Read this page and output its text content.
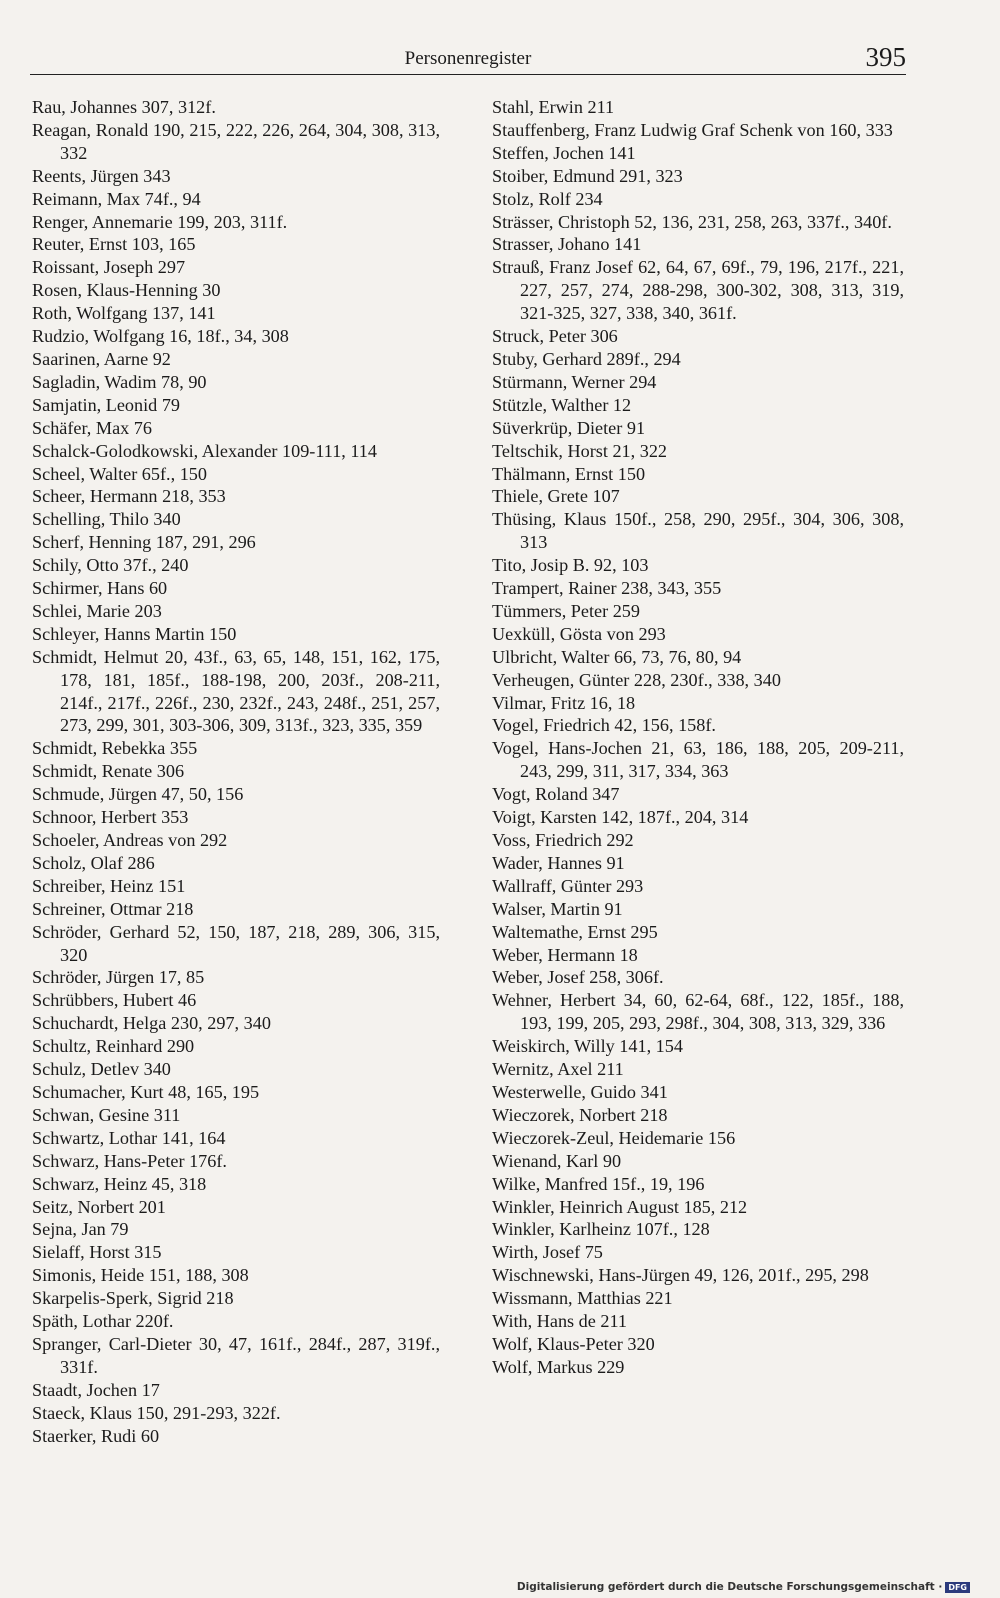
Personenregister	395

Rau, Johannes 307, 312f.

Reagan, Ronald 190, 215, 222, 226, 264, 304, 308, 313, 332

Reents, Jürgen 343

Reimann, Max 74f., 94

Renger, Annemarie 199, 203, 311f.

Reuter, Ernst 103, 165

Roissant, Joseph 297

Rosen, Klaus-Henning 30

Roth, Wolfgang 137, 141

Rudzio, Wolfgang 16, 18f., 34, 308

Saarinen, Aarne 92

Sagladin, Wadim 78, 90

Samjatin, Leonid 79

Schäfer, Max 76

Schalck-Golodkowski, Alexander 109-111, 114

Scheel, Walter 65f., 150

Scheer, Hermann 218, 353

Schelling, Thilo 340

Scherf, Henning 187, 291, 296

Schily, Otto 37f., 240

Schirmer, Hans 60

Schlei, Marie 203

Schleyer, Hanns Martin 150

Schmidt, Helmut 20, 43f., 63, 65, 148, 151, 162, 175, 178, 181, 185f., 188-198, 200, 203f., 208-211, 214f., 217f., 226f., 230, 232f., 243, 248f., 251, 257, 273, 299, 301, 303-306, 309, 313f., 323, 335, 359

Schmidt, Rebekka 355

Schmidt, Renate 306

Schmude, Jürgen 47, 50, 156

Schnoor, Herbert 353

Schoeler, Andreas von 292

Scholz, Olaf 286

Schreiber, Heinz 151

Schreiner, Ottmar 218

Schröder, Gerhard 52, 150, 187, 218, 289, 306, 315, 320

Schröder, Jürgen 17, 85

Schrübbers, Hubert 46

Schuchardt, Helga 230, 297, 340

Schultz, Reinhard 290

Schulz, Detlev 340

Schumacher, Kurt 48, 165, 195

Schwan, Gesine 311

Schwartz, Lothar 141, 164

Schwarz, Hans-Peter 176f.

Schwarz, Heinz 45, 318

Seitz, Norbert 201

Sejna, Jan 79

Sielaff, Horst 315

Simonis, Heide 151, 188, 308

Skarpelis-Sperk, Sigrid 218

Späth, Lothar 220f.

Spranger, Carl-Dieter 30, 47, 161f., 284f., 287, 319f., 331f.

Staadt, Jochen 17

Staeck, Klaus 150, 291-293, 322f.

Staerker, Rudi 60

Stahl, Erwin 211

Stauffenberg, Franz Ludwig Graf Schenk von 160, 333

Steffen, Jochen 141

Stoiber, Edmund 291, 323

Stolz, Rolf 234

Strässer, Christoph 52, 136, 231, 258, 263, 337f., 340f.

Strasser, Johano 141

Strauß, Franz Josef 62, 64, 67, 69f., 79, 196, 217f., 221, 227, 257, 274, 288-298, 300-302, 308, 313, 319, 321-325, 327, 338, 340, 361f.

Struck, Peter 306

Stuby, Gerhard 289f., 294

Stürmann, Werner 294

Stützle, Walther 12

Süverkrüp, Dieter 91

Teltschik, Horst 21, 322

Thälmann, Ernst 150

Thiele, Grete 107

Thüsing, Klaus 150f., 258, 290, 295f., 304, 306, 308, 313

Tito, Josip B. 92, 103

Trampert, Rainer 238, 343, 355

Tümmers, Peter 259

Uexküll, Gösta von 293

Ulbricht, Walter 66, 73, 76, 80, 94

Verheugen, Günter 228, 230f., 338, 340

Vilmar, Fritz 16, 18

Vogel, Friedrich 42, 156, 158f.

Vogel, Hans-Jochen 21, 63, 186, 188, 205, 209-211, 243, 299, 311, 317, 334, 363

Vogt, Roland 347

Voigt, Karsten 142, 187f., 204, 314

Voss, Friedrich 292

Wader, Hannes 91

Wallraff, Günter 293

Walser, Martin 91

Waltemathe, Ernst 295

Weber, Hermann 18

Weber, Josef 258, 306f.

Wehner, Herbert 34, 60, 62-64, 68f., 122, 185f., 188, 193, 199, 205, 293, 298f., 304, 308, 313, 329, 336

Weiskirch, Willy 141, 154

Wernitz, Axel 211

Westerwelle, Guido 341

Wieczorek, Norbert 218

Wieczorek-Zeul, Heidemarie 156

Wienand, Karl 90

Wilke, Manfred 15f., 19, 196

Winkler, Heinrich August 185, 212

Winkler, Karlheinz 107f., 128

Wirth, Josef 75

Wischnewski, Hans-Jürgen 49, 126, 201f., 295, 298

Wissmann, Matthias 221

With, Hans de 211

Wolf, Klaus-Peter 320

Wolf, Markus 229

Digitalisierung gefördert durch die Deutsche Forschungsgemeinschaft · DFG
